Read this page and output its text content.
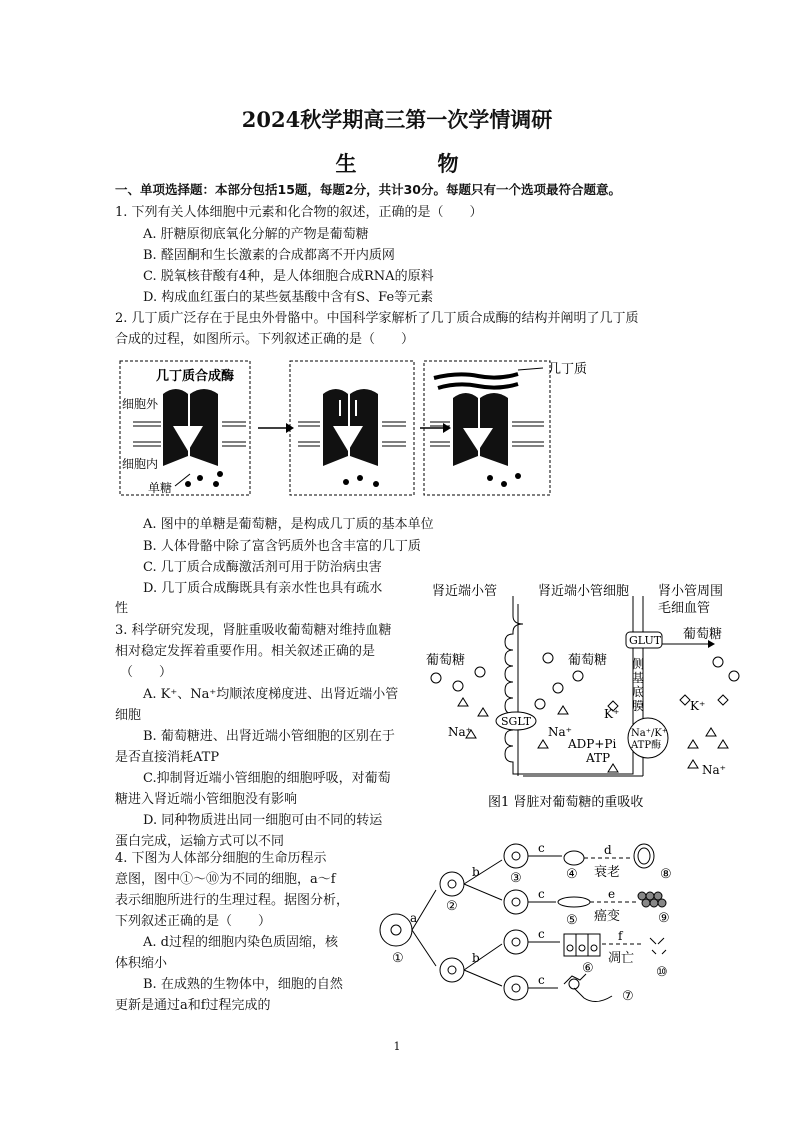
2024秋学期高三第一次学情调研
生　物
一、单项选择题：本部分包括15题，每题2分，共计30分。每题只有一个选项最符合题意。
1. 下列有关人体细胞中元素和化合物的叙述，正确的是（　　）
A. 肝糖原彻底氧化分解的产物是葡萄糖
B. 醛固酮和生长激素的合成都离不开内质网
C. 脱氧核苷酸有4种，是人体细胞合成RNA的原料
D. 构成血红蛋白的某些氨基酸中含有S、Fe等元素
2. 几丁质广泛存在于昆虫外骨骼中。中国科学家解析了几丁质合成酶的结构并阐明了几丁质
合成的过程，如图所示。下列叙述正确的是（　　）
几丁质合成酶
细胞外
细胞内
单糖
几丁质
A. 图中的单糖是葡萄糖，是构成几丁质的基本单位
B. 人体骨骼中除了富含钙质外也含丰富的几丁质
C. 几丁质合成酶激活剂可用于防治病虫害
D. 几丁质合成酶既具有亲水性也具有疏水
性
3. 科学研究发现，肾脏重吸收葡萄糖对维持血糖
相对稳定发挥着重要作用。相关叙述正确的是
（　　）
A. K⁺、Na⁺均顺浓度梯度进、出肾近端小管
细胞
B. 葡萄糖进、出肾近端小管细胞的区别在于
是否直接消耗ATP
C.抑制肾近端小管细胞的细胞呼吸，对葡萄
糖进入肾近端小管细胞没有影响
D. 同种物质进出同一细胞可由不同的转运
蛋白完成，运输方式可以不同
肾近端小管	肾近端小管细胞 肾小管周围
毛细血管
GLUT 葡萄糖
侧基底膜
葡萄糖	葡萄糖
SGLT
Na⁺/K⁺
ATP酶
K⁺
K⁺
ADP+Pi
ATP
Na⁺	Na⁺
Na⁺
图1 肾脏对葡萄糖的重吸收
4. 下图为人体部分细胞的生命历程示
意图，图中①～⑩为不同的细胞，a～f
表示细胞所进行的生理过程。据图分析，
下列叙述正确的是（　　）
A. d过程的细胞内染色质固缩，核
体积缩小
B. 在成熟的生物体中，细胞的自然
更新是通过a和f过程完成的
①
②
a
b
b
c
c
c
c
d
e
f
衰老
癌变
凋亡
③	④
⑤
⑥
⑦
⑧
⑨
⑩
1
